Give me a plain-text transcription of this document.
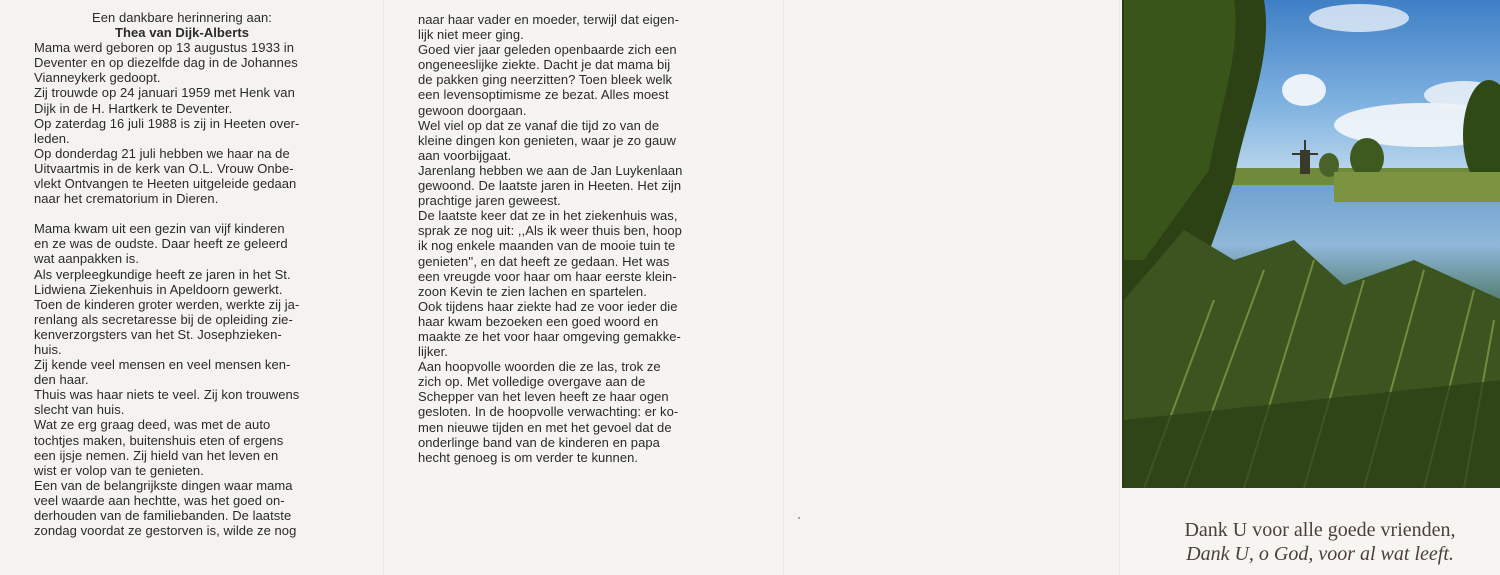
Een dankbare herinnering aan:

Thea van Dijk-Alberts

Mama werd geboren op 13 augustus 1933 in

Deventer en op diezelfde dag in de Johannes

Vianneykerk gedoopt.

Zij trouwde op 24 januari 1959 met Henk van

Dijk in de H. Hartkerk te Deventer.

Op zaterdag 16 juli 1988 is zij in Heeten over-

leden.

Op donderdag 21 juli hebben we haar na de

Uitvaartmis in de kerk van O.L. Vrouw Onbe-

vlekt Ontvangen te Heeten uitgeleide gedaan

naar het crematorium in Dieren.

Mama kwam uit een gezin van vijf kinderen

en ze was de oudste. Daar heeft ze geleerd

wat aanpakken is.

Als verpleegkundige heeft ze jaren in het St.

Lidwiena Ziekenhuis in Apeldoorn gewerkt.

Toen de kinderen groter werden, werkte zij ja-

renlang als secretaresse bij de opleiding zie-

kenverzorgsters van het St. Josephzieken-

huis.

Zij kende veel mensen en veel mensen ken-

den haar.

Thuis was haar niets te veel. Zij kon trouwens

slecht van huis.

Wat ze erg graag deed, was met de auto

tochtjes maken, buitenshuis eten of ergens

een ijsje nemen. Zij hield van het leven en

wist er volop van te genieten.

Een van de belangrijkste dingen waar mama

veel waarde aan hechtte, was het goed on-

derhouden van de familiebanden. De laatste

zondag voordat ze gestorven is, wilde ze nog

naar haar vader en moeder, terwijl dat eigen-

lijk niet meer ging.

Goed vier jaar geleden openbaarde zich een

ongeneeslijke ziekte. Dacht je dat mama bij

de pakken ging neerzitten? Toen bleek welk

een levensoptimisme ze bezat. Alles moest

gewoon doorgaan.

Wel viel op dat ze vanaf die tijd zo van de

kleine dingen kon genieten, waar je zo gauw

aan voorbijgaat.

Jarenlang hebben we aan de Jan Luykenlaan

gewoond. De laatste jaren in Heeten. Het zijn

prachtige jaren geweest.

De laatste keer dat ze in het ziekenhuis was,

sprak ze nog uit: ,,Als ik weer thuis ben, hoop

ik nog enkele maanden van de mooie tuin te

genieten'', en dat heeft ze gedaan. Het was

een vreugde voor haar om haar eerste klein-

zoon Kevin te zien lachen en spartelen.

Ook tijdens haar ziekte had ze voor ieder die

haar kwam bezoeken een goed woord en

maakte ze het voor haar omgeving gemakke-

lijker.

Aan hoopvolle woorden die ze las, trok ze

zich op. Met volledige overgave aan de

Schepper van het leven heeft ze haar ogen

gesloten. In de hoopvolle verwachting: er ko-

men nieuwe tijden en met het gevoel dat de

onderlinge band van de kinderen en papa

hecht genoeg is om verder te kunnen.

Dank U voor alle goede vrienden,
Dank U, o God, voor al wat leeft.
